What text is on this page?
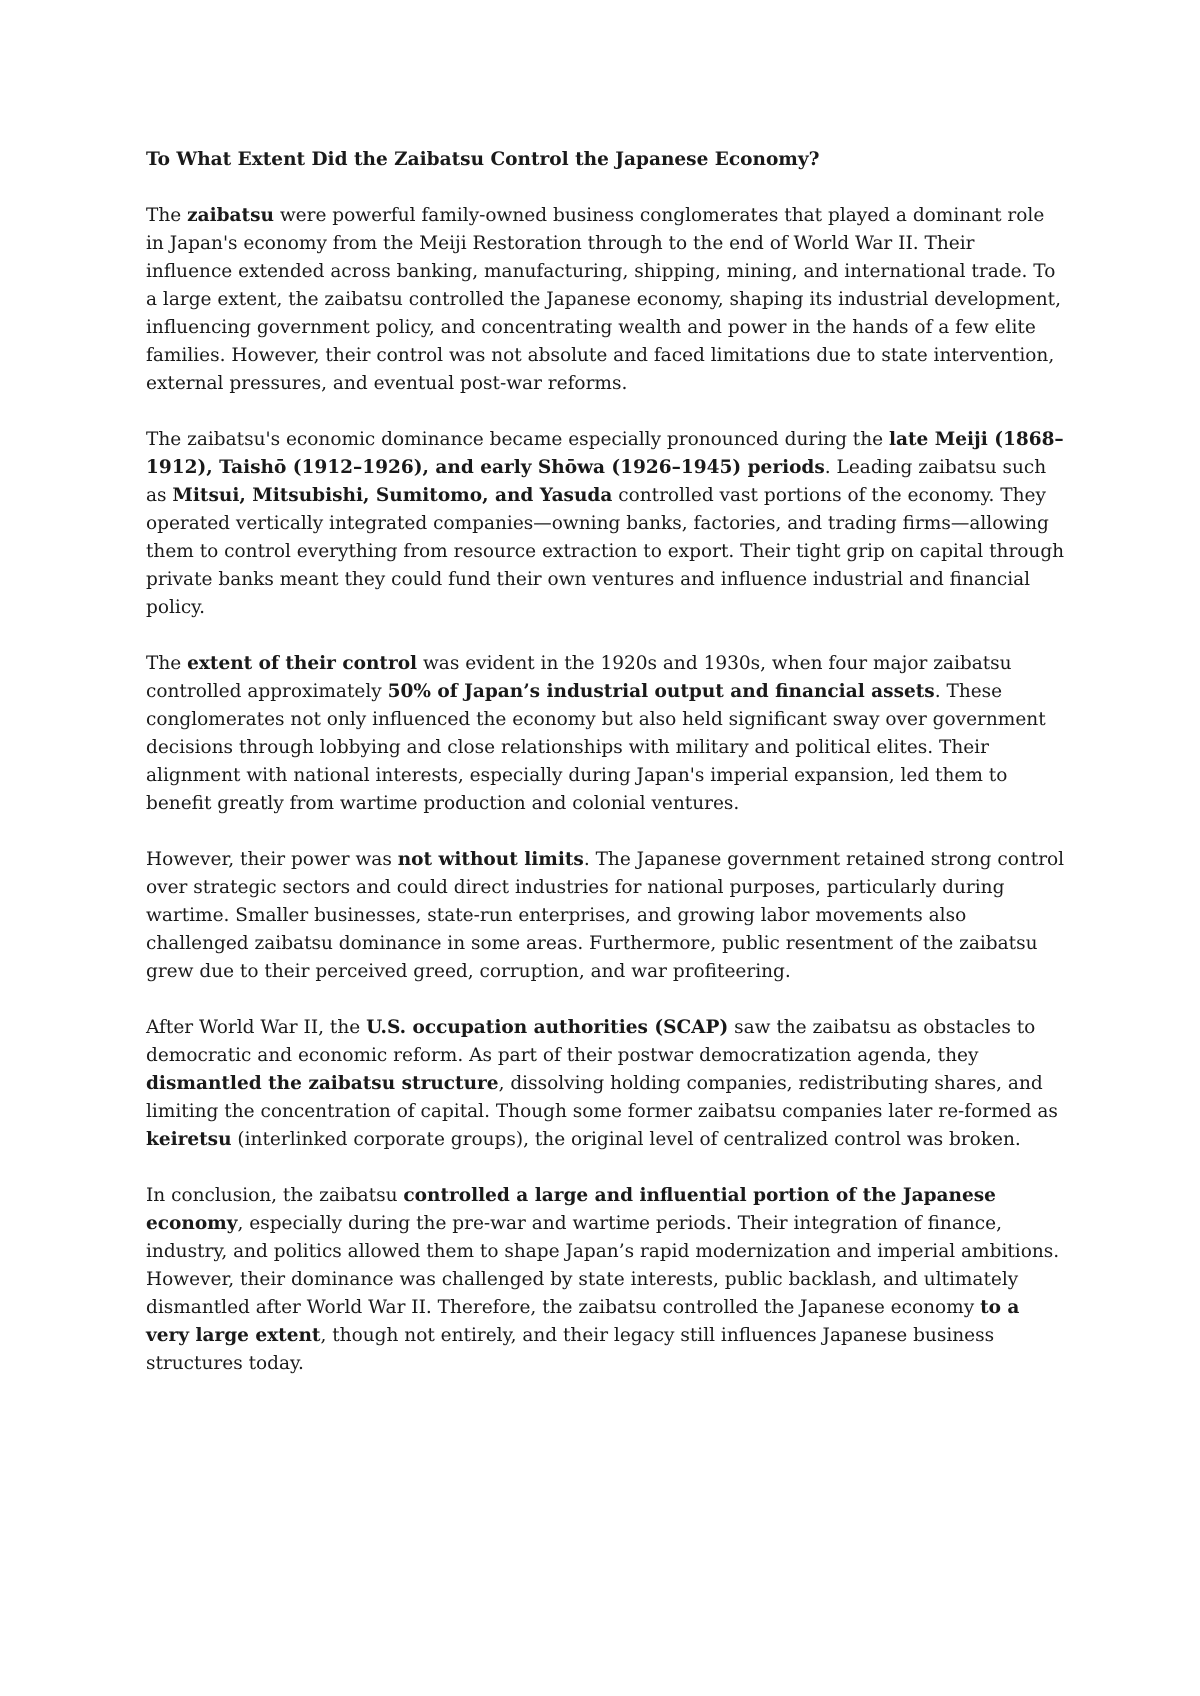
To What Extent Did the Zaibatsu Control the Japanese Economy?

The zaibatsu were powerful family-owned business conglomerates that played a dominant role in Japan's economy from the Meiji Restoration through to the end of World War II. Their influence extended across banking, manufacturing, shipping, mining, and international trade. To a large extent, the zaibatsu controlled the Japanese economy, shaping its industrial development, influencing government policy, and concentrating wealth and power in the hands of a few elite families. However, their control was not absolute and faced limitations due to state intervention, external pressures, and eventual post-war reforms.

The zaibatsu's economic dominance became especially pronounced during the late Meiji (1868–1912), Taishō (1912–1926), and early Shōwa (1926–1945) periods. Leading zaibatsu such as Mitsui, Mitsubishi, Sumitomo, and Yasuda controlled vast portions of the economy. They operated vertically integrated companies—owning banks, factories, and trading firms—allowing them to control everything from resource extraction to export. Their tight grip on capital through private banks meant they could fund their own ventures and influence industrial and financial policy.

The extent of their control was evident in the 1920s and 1930s, when four major zaibatsu controlled approximately 50% of Japan’s industrial output and financial assets. These conglomerates not only influenced the economy but also held significant sway over government decisions through lobbying and close relationships with military and political elites. Their alignment with national interests, especially during Japan's imperial expansion, led them to benefit greatly from wartime production and colonial ventures.

However, their power was not without limits. The Japanese government retained strong control over strategic sectors and could direct industries for national purposes, particularly during wartime. Smaller businesses, state-run enterprises, and growing labor movements also challenged zaibatsu dominance in some areas. Furthermore, public resentment of the zaibatsu grew due to their perceived greed, corruption, and war profiteering.

After World War II, the U.S. occupation authorities (SCAP) saw the zaibatsu as obstacles to democratic and economic reform. As part of their postwar democratization agenda, they dismantled the zaibatsu structure, dissolving holding companies, redistributing shares, and limiting the concentration of capital. Though some former zaibatsu companies later re-formed as keiretsu (interlinked corporate groups), the original level of centralized control was broken.

In conclusion, the zaibatsu controlled a large and influential portion of the Japanese economy, especially during the pre-war and wartime periods. Their integration of finance, industry, and politics allowed them to shape Japan’s rapid modernization and imperial ambitions. However, their dominance was challenged by state interests, public backlash, and ultimately dismantled after World War II. Therefore, the zaibatsu controlled the Japanese economy to a very large extent, though not entirely, and their legacy still influences Japanese business structures today.
